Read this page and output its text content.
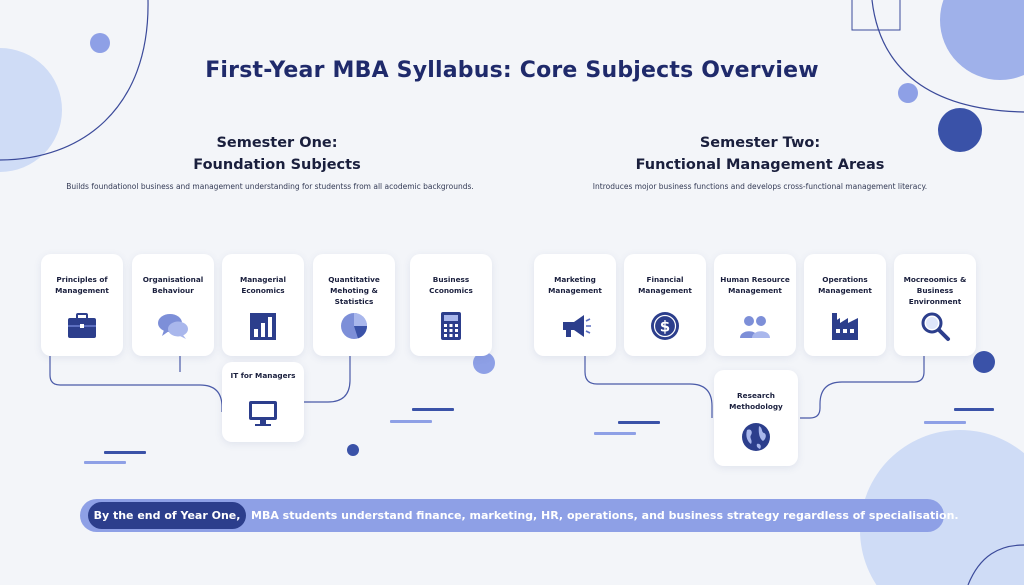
First-Year MBA Syllabus: Core Subjects Overview
Semester One:
Foundation Subjects
Builds foundationol business and management understanding for studentss from all acodemic backgrounds.
Semester Two:
Functional Management Areas
Introduces mojor business functions and develops cross-functional management literacy.
Principles of Management
Organisational Behaviour
Managerial Economics
Quantitative Mehoting & Statistics
Business Cconomics
IT for Managers
Marketing Management
Financial Management
$
Human Resource Management
Operations Management
Mocreoomics & Business Environment
Research Methodology
By the end of Year One, MBA students understand finance, marketing, HR, operations, and business strategy regardless of specialisation.
